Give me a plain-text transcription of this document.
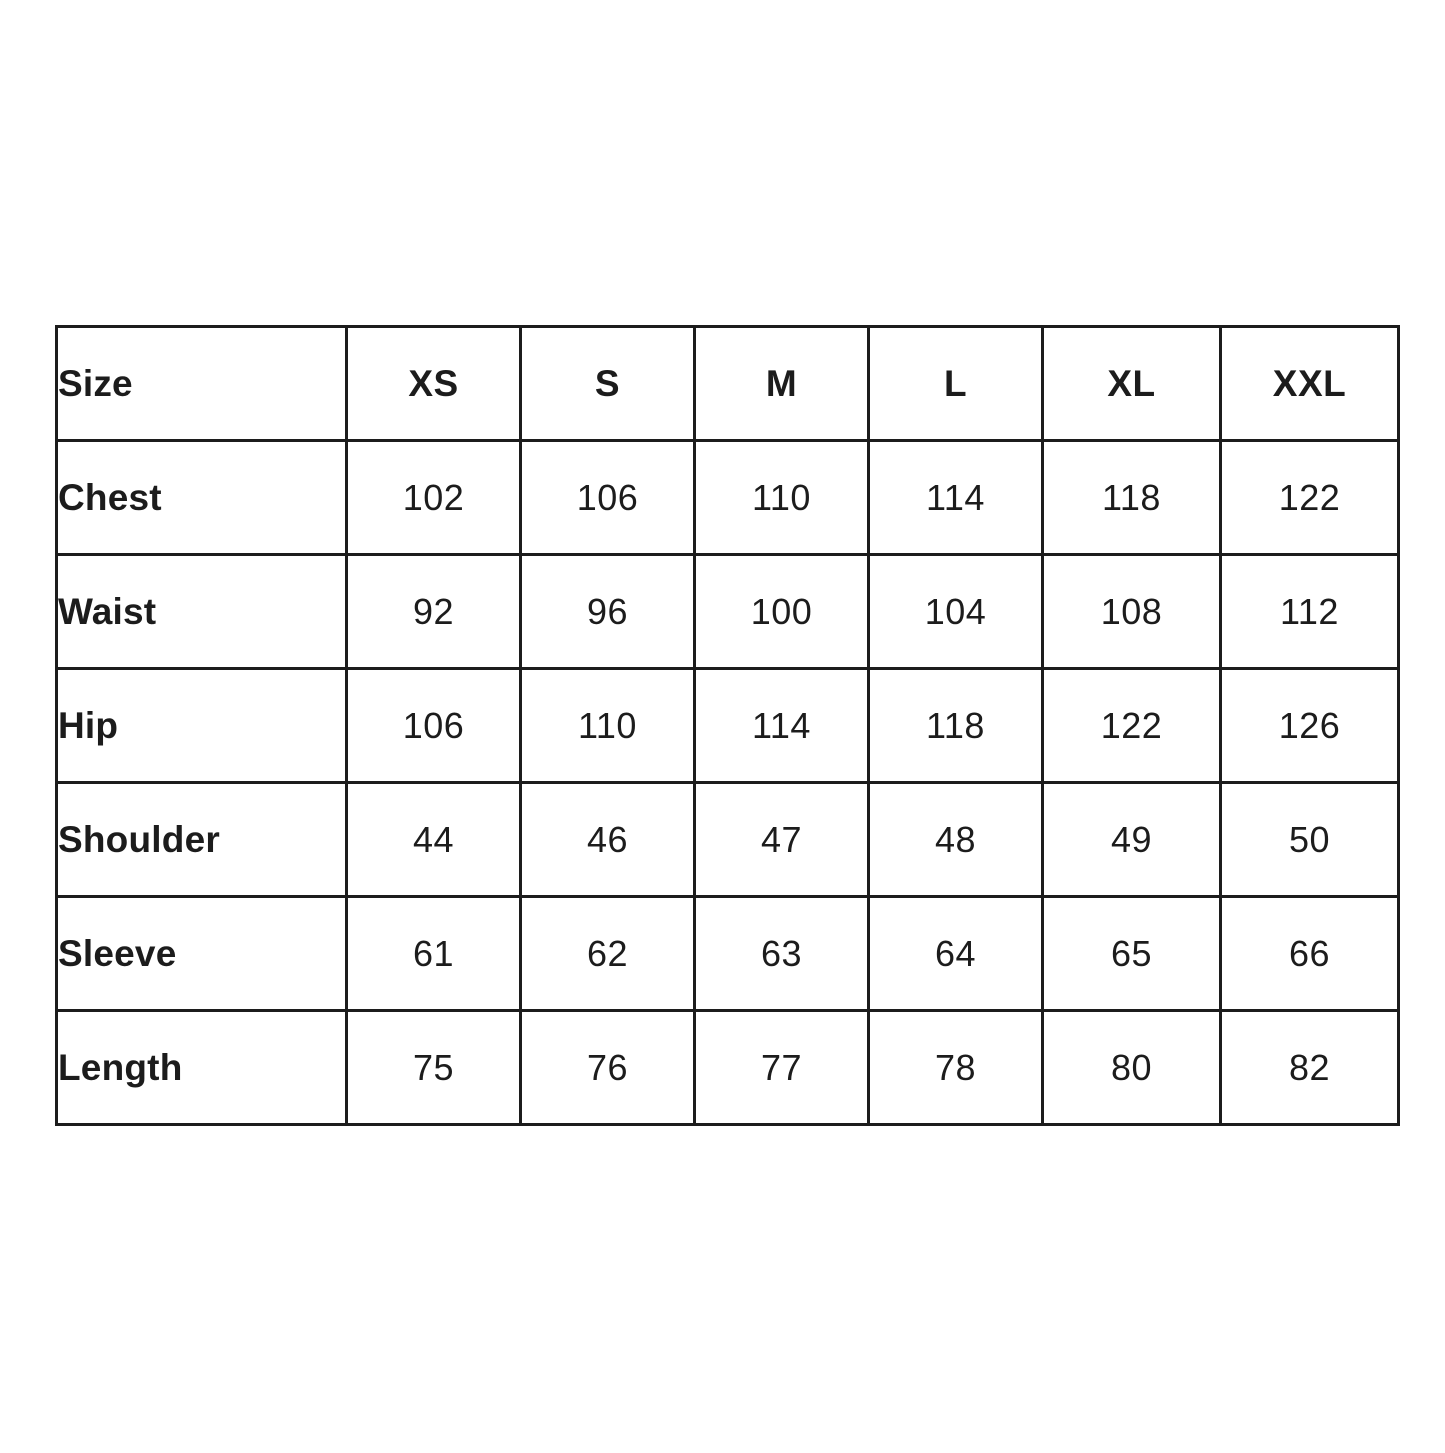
Size	XS	S	M	L	XL	XXL
Chest	102	106	110	114	118	122
Waist	92	96	100	104	108	112
Hip	106	110	114	118	122	126
Shoulder	44	46	47	48	49	50
Sleeve	61	62	63	64	65	66
Length	75	76	77	78	80	82
